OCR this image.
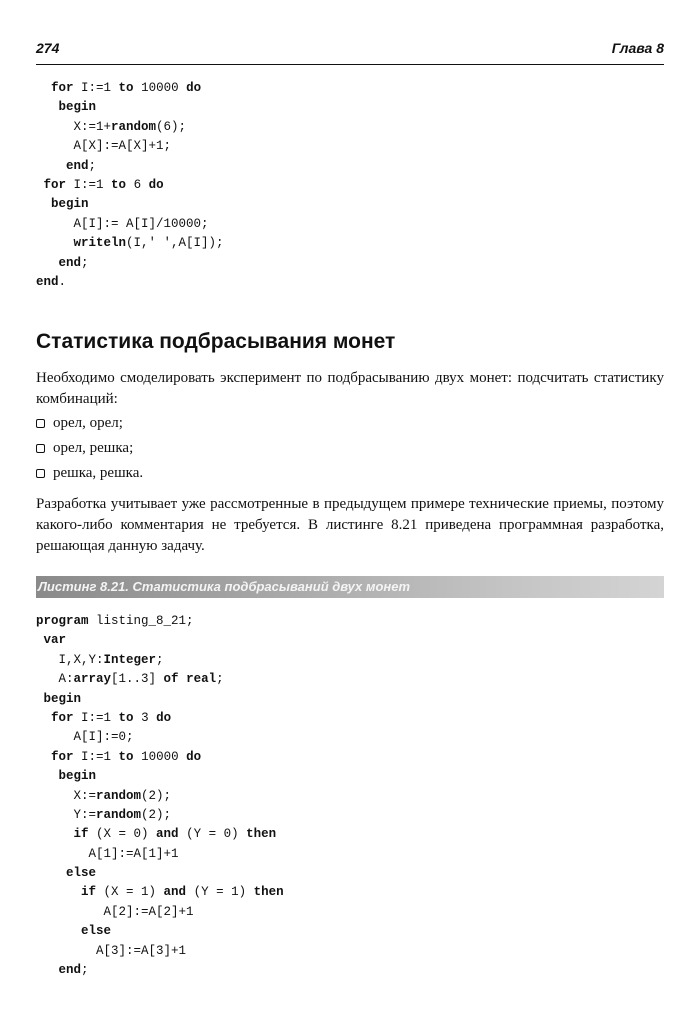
274	Глава 8
for I:=1 to 10000 do
begin
X:=1+random(6);
A[X]:=A[X]+1;
end;
for I:=1 to 6 do
begin
A[I]:= A[I]/10000;
writeln(I,' ',A[I]);
end;
end.
Статистика подбрасывания монет

Необходимо смоделировать эксперимент по подбрасыванию двух монет: подсчитать статистику комбинаций:

орел, орел;
орел, решка;
решка, решка.

Разработка учитывает уже рассмотренные в предыдущем примере технические приемы, поэтому какого-либо комментария не требуется. В листинге 8.21 приведена программная разработка, решающая данную задачу.

Листинг 8.21. Статистика подбрасываний двух монет
program listing_8_21;
var
I,X,Y:Integer;
A:array[1..3] of real;
begin
for I:=1 to 3 do
A[I]:=0;
for I:=1 to 10000 do
begin
X:=random(2);
Y:=random(2);
if (X = 0) and (Y = 0) then
A[1]:=A[1]+1
else
if (X = 1) and (Y = 1) then
A[2]:=A[2]+1
else
A[3]:=A[3]+1
end;
